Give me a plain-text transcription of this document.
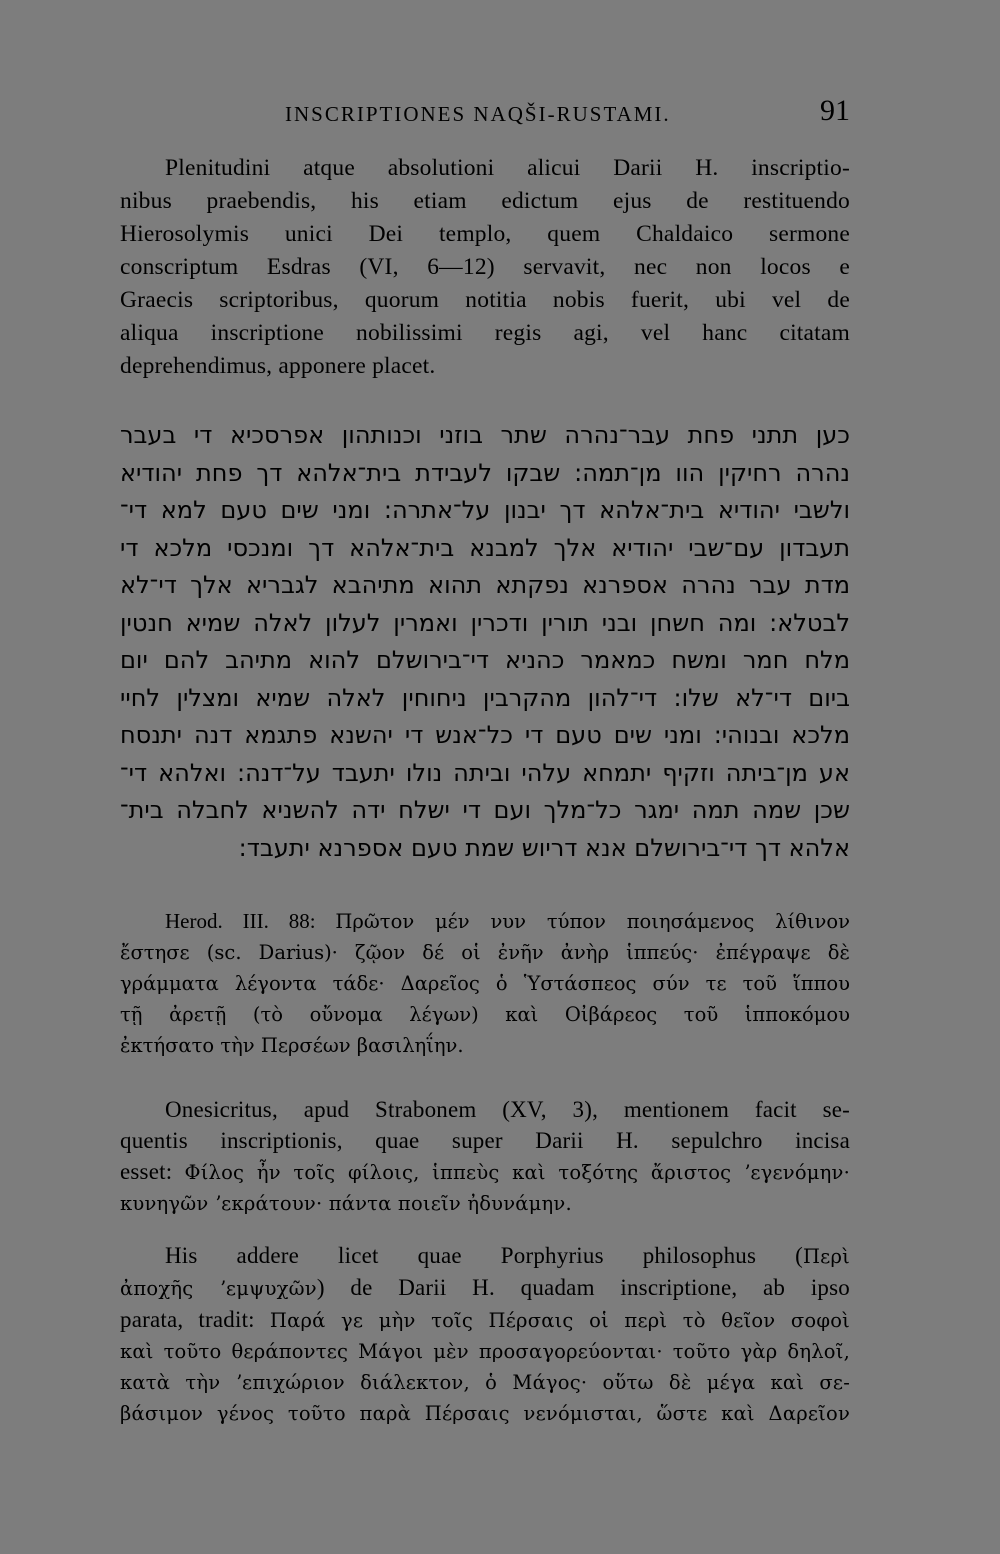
INSCRIPTIONES NAQŠI-RUSTAMI.	91

Plenitudini atque absolutioni alicui Darii H. inscriptio-
nibus praebendis, his etiam edictum ejus de restituendo
Hierosolymis unici Dei templo, quem Chaldaico sermone
conscriptum Esdras (VI, 6—12) servavit, nec non locos e
Graecis scriptoribus, quorum notitia nobis fuerit, ubi vel de
aliqua inscriptione nobilissimi regis agi, vel hanc citatam
deprehendimus, apponere placet.

כען תתני פחת עבר־נהרה שתר בוזני וכנותהון אפרסכיא די בעבר
נהרה רחיקין הוו מן־תמה: שבקו לעבידת בית־אלהא דך פחת יהודיא
ולשבי יהודיא בית־אלהא דך יבנון על־אתרה: ומני שים טעם למא די־
תעבדון עם־שבי יהודיא אלך למבנא בית־אלהא דך ומנכסי מלכא די
מדת עבר נהרה אספרנא נפקתא תהוא מתיהבא לגבריא אלך די־לא
לבטלא: ומה חשחן ובני תורין ודכרין ואמרין לעלון לאלה שמיא חנטין
מלח חמר ומשח כמאמר כהניא די־בירושלם להוא מתיהב להם יום
ביום די־לא שלו: די־להון מהקרבין ניחוחין לאלה שמיא ומצלין לחיי
מלכא ובנוהי: ומני שים טעם די כל־אנש די יהשנא פתגמא דנה יתנסח
אע מן־ביתה וזקיף יתמחא עלהי וביתה נולו יתעבד על־דנה: ואלהא די־
שכן שמה תמה ימגר כל־מלך ועם די ישלח ידה להשניא לחבלה בית־
אלהא דך די־בירושלם אנא דריוש שמת טעם אספרנא יתעבד:

Herod. III. 88: Πρῶτον μέν νυν τύπον ποιησάμενος λίθινον
ἔστησε (sc. Darius)· ζῷον δέ οἱ ἐνῆν ἀνὴρ ἱππεύς· ἐπέγραψε δὲ
γράμματα λέγοντα τάδε· Δαρεῖος ὁ Ὑστάσπεος σύν τε τοῦ ἵππου
τῇ ἀρετῇ (τὸ οὔνομα λέγων) καὶ Οἰβάρεος τοῦ ἱπποκόμου
ἐκτήσατο τὴν Περσέων βασιληΐην.

Onesicritus, apud Strabonem (XV, 3), mentionem facit se-
quentis inscriptionis, quae super Darii H. sepulchro incisa
esset: Φίλος ἦν τοῖς φίλοις, ἱππεὺς καὶ τοξότης ἄριστος ʼεγενόμην·
κυνηγῶν ʼεκράτουν· πάντα ποιεῖν ἠδυνάμην.

His addere licet quae Porphyrius philosophus (Περὶ
ἀποχῆς ʼεμψυχῶν) de Darii H. quadam inscriptione, ab ipso
parata, tradit: Παρά γε μὴν τοῖς Πέρσαις οἱ περὶ τὸ θεῖον σοφοὶ
καὶ τοῦτο θεράποντες Μάγοι μὲν προσαγορεύονται· τοῦτο γὰρ δηλοῖ,
κατὰ τὴν ʼεπιχώριον διάλεκτον, ὁ Μάγος· οὕτω δὲ μέγα καὶ σε-
βάσιμον γένος τοῦτο παρὰ Πέρσαις νενόμισται, ὥστε καὶ Δαρεῖον
